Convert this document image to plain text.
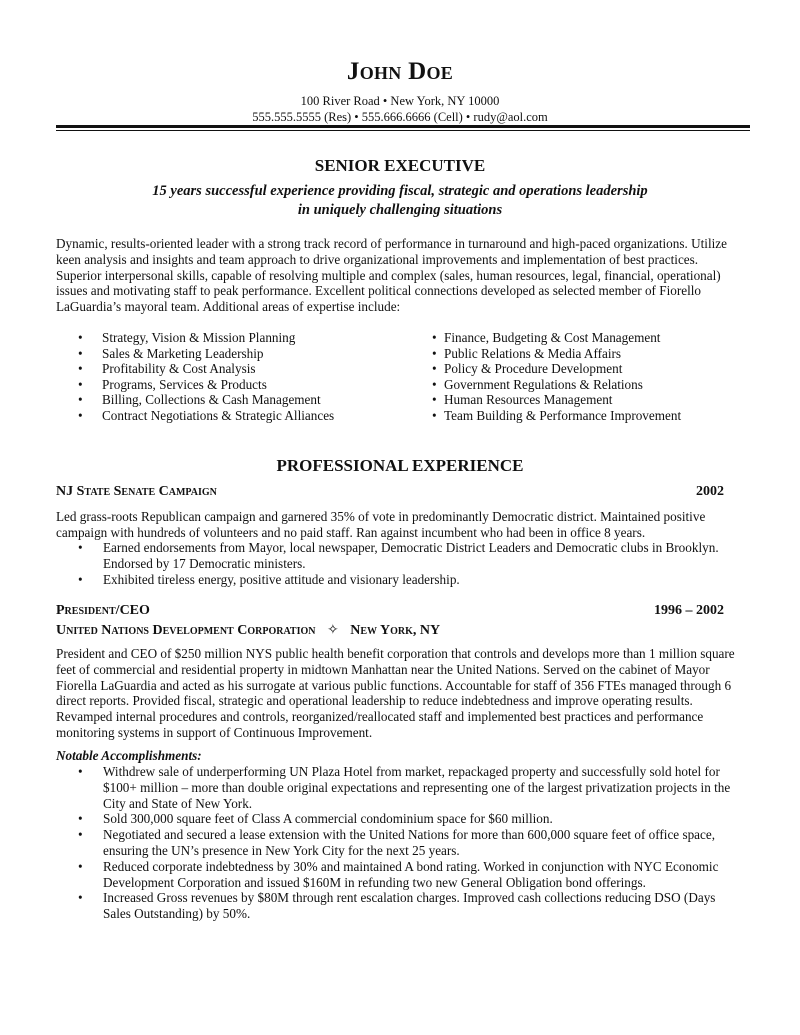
John Doe
100 River Road • New York, NY 10000
555.555.5555 (Res) • 555.666.6666 (Cell) • rudy@aol.com
SENIOR EXECUTIVE
15 years successful experience providing fiscal, strategic and operations leadership
in uniquely challenging situations
Dynamic, results-oriented leader with a strong track record of performance in turnaround and high-paced organizations. Utilize keen analysis and insights and team approach to drive organizational improvements and implementation of best practices. Superior interpersonal skills, capable of resolving multiple and complex (sales, human resources, legal, financial, operational) issues and motivating staff to peak performance. Excellent political connections developed as selected member of Fiorello LaGuardia’s mayoral team. Additional areas of expertise include:
• Strategy, Vision & Mission Planning
• Sales & Marketing Leadership
• Profitability & Cost Analysis
• Programs, Services & Products
• Billing, Collections & Cash Management
• Contract Negotiations & Strategic Alliances
• Finance, Budgeting & Cost Management
• Public Relations & Media Affairs
• Policy & Procedure Development
• Government Regulations & Relations
• Human Resources Management
• Team Building & Performance Improvement
PROFESSIONAL EXPERIENCE
NJ State Senate Campaign	2002
Led grass-roots Republican campaign and garnered 35% of vote in predominantly Democratic district. Maintained positive campaign with hundreds of volunteers and no paid staff. Ran against incumbent who had been in office 8 years.
• Earned endorsements from Mayor, local newspaper, Democratic District Leaders and Democratic clubs in Brooklyn. Endorsed by 17 Democratic ministers.
• Exhibited tireless energy, positive attitude and visionary leadership.
President/CEO	1996 – 2002
United Nations Development Corporation ✧ New York, NY
President and CEO of $250 million NYS public health benefit corporation that controls and develops more than 1 million square feet of commercial and residential property in midtown Manhattan near the United Nations. Served on the cabinet of Mayor Fiorella LaGuardia and acted as his surrogate at various public functions. Accountable for staff of 356 FTEs managed through 6 direct reports. Provided fiscal, strategic and operational leadership to reduce indebtedness and improve operating results. Revamped internal procedures and controls, reorganized/reallocated staff and implemented best practices and performance monitoring systems in support of Continuous Improvement.
Notable Accomplishments:
• Withdrew sale of underperforming UN Plaza Hotel from market, repackaged property and successfully sold hotel for $100+ million – more than double original expectations and representing one of the largest privatization projects in the City and State of New York.
• Sold 300,000 square feet of Class A commercial condominium space for $60 million.
• Negotiated and secured a lease extension with the United Nations for more than 600,000 square feet of office space, ensuring the UN’s presence in New York City for the next 25 years.
• Reduced corporate indebtedness by 30% and maintained A bond rating. Worked in conjunction with NYC Economic Development Corporation and issued $160M in refunding two new General Obligation bond offerings.
• Increased Gross revenues by $80M through rent escalation charges. Improved cash collections reducing DSO (Days Sales Outstanding) by 50%.
